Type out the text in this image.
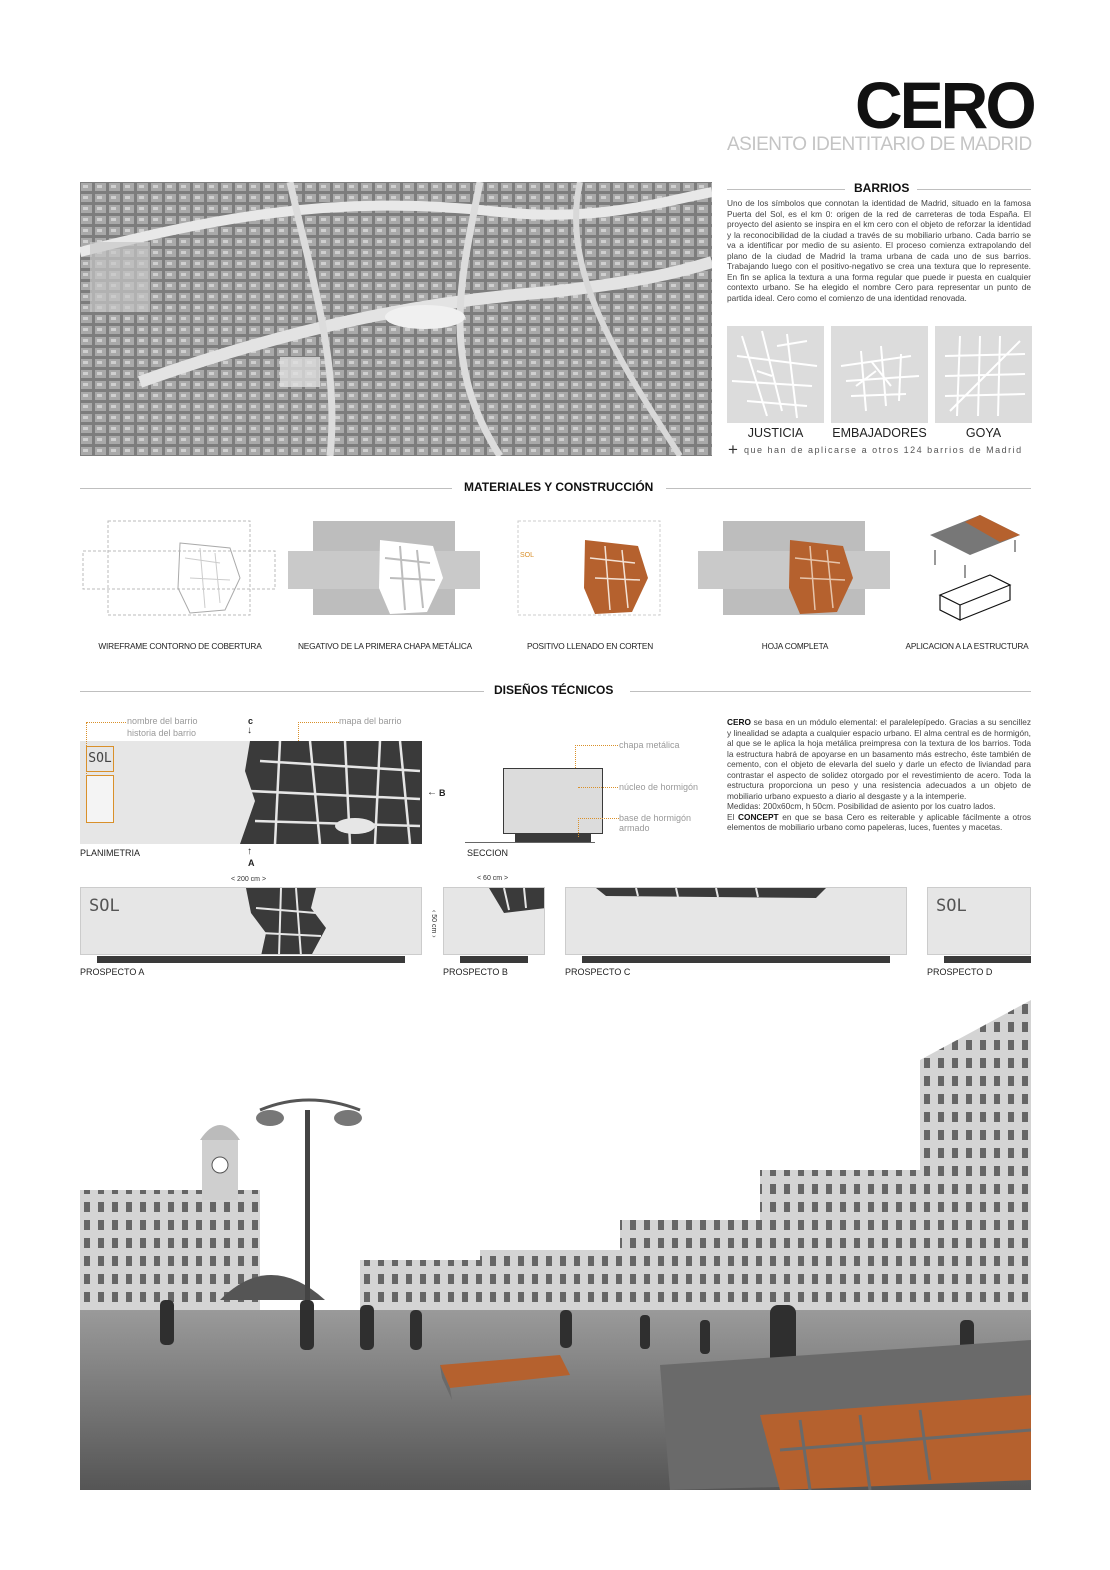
CERO
ASIENTO IDENTITARIO DE MADRID
BARRIOS
Uno de los símbolos que connotan la identidad de Madrid, situado en la famosa Puerta del Sol, es el km 0: origen de la red de carreteras de toda España. El proyecto del asiento se inspira en el km cero con el objeto de reforzar la identidad y la reconocibilidad de la ciudad a través de su mobiliario urbano. Cada barrio se va a identificar por medio de su asiento. El proceso comienza extrapolando del plano de la ciudad de Madrid la trama urbana de cada uno de sus barrios. Trabajando luego con el positivo-negativo se crea una textura que lo represente. En fin se aplica la textura a una forma regular que puede ir puesta en cualquier contexto urbano. Se ha elegido el nombre Cero para representar un punto de partida ideal. Cero como el comienzo de una identidad renovada.
JUSTICIA	EMBAJADORES	GOYA
+ que han de aplicarse a otros 124 barrios de Madrid
MATERIALES Y CONSTRUCCIÓN
SOL
WIREFRAME CONTORNO DE COBERTURA	NEGATIVO DE LA PRIMERA CHAPA METÁLICA	POSITIVO LLENADO EN CORTEN	HOJA COMPLETA	APLICACION A LA ESTRUCTURA
DISEÑOS TÉCNICOS
SOL
nombre del barrio
historia del barrio
mapa del barrio
c
↓
← B
↑
A
PLANIMETRIA
chapa metálica
núcleo de hormigón
base de hormigón armado
SECCION
CERO se basa en un módulo elemental: el paralelepípedo. Gracias a su sencillez y linealidad se adapta a cualquier espacio urbano. El alma central es de hormigón, al que se le aplica la hoja metálica preimpresa con la textura de los barrios. Toda la estructura habrá de apoyarse en un basamento más estrecho, éste también de cemento, con el objeto de elevarla del suelo y darle un efecto de liviandad para contrastar el aspecto de solidez otorgado por el revestimiento de acero. Toda la estructura proporciona un peso y una resistencia adecuados a un objeto de mobiliario urbano expuesto a diario al desgaste y a la intemperie.
Medidas: 200x60cm, h 50cm. Posibilidad de asiento por los cuatro lados.
El CONCEPT en que se basa Cero es reiterable y aplicable fácilmente a otros elementos de mobiliario urbano como papeleras, luces, fuentes y macetas.
< 200 cm >	< 60 cm >
‹ 50 cm ›
SOL	SOL
PROSPECTO A	PROSPECTO B	PROSPECTO C	PROSPECTO D
